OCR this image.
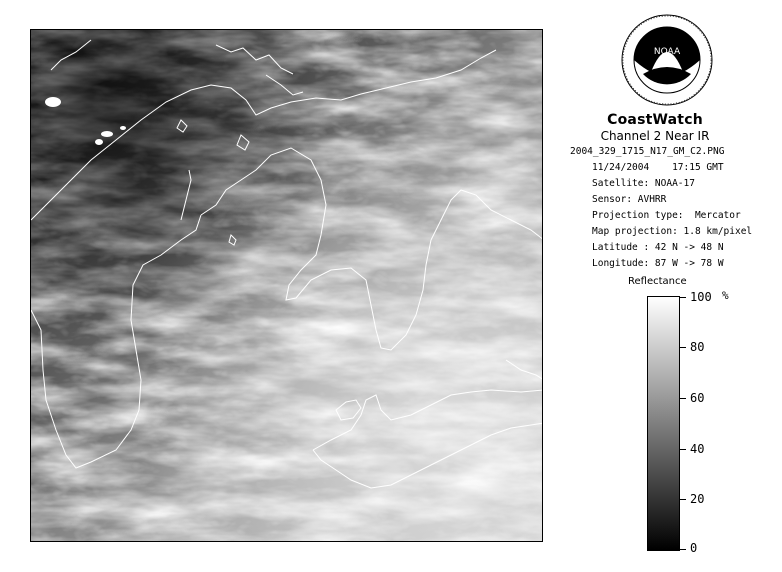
NOAA
CoastWatch
Channel 2 Near IR
2004_329_1715_N17_GM_C2.PNG
11/24/2004    17:15 GMT
Satellite: NOAA-17
Sensor: AVHRR
Projection type:  Mercator
Map projection: 1.8 km/pixel
Latitude : 42 N -> 48 N
Longitude: 87 W -> 78 W
Reflectance
%
100
80
60
40
20
0
